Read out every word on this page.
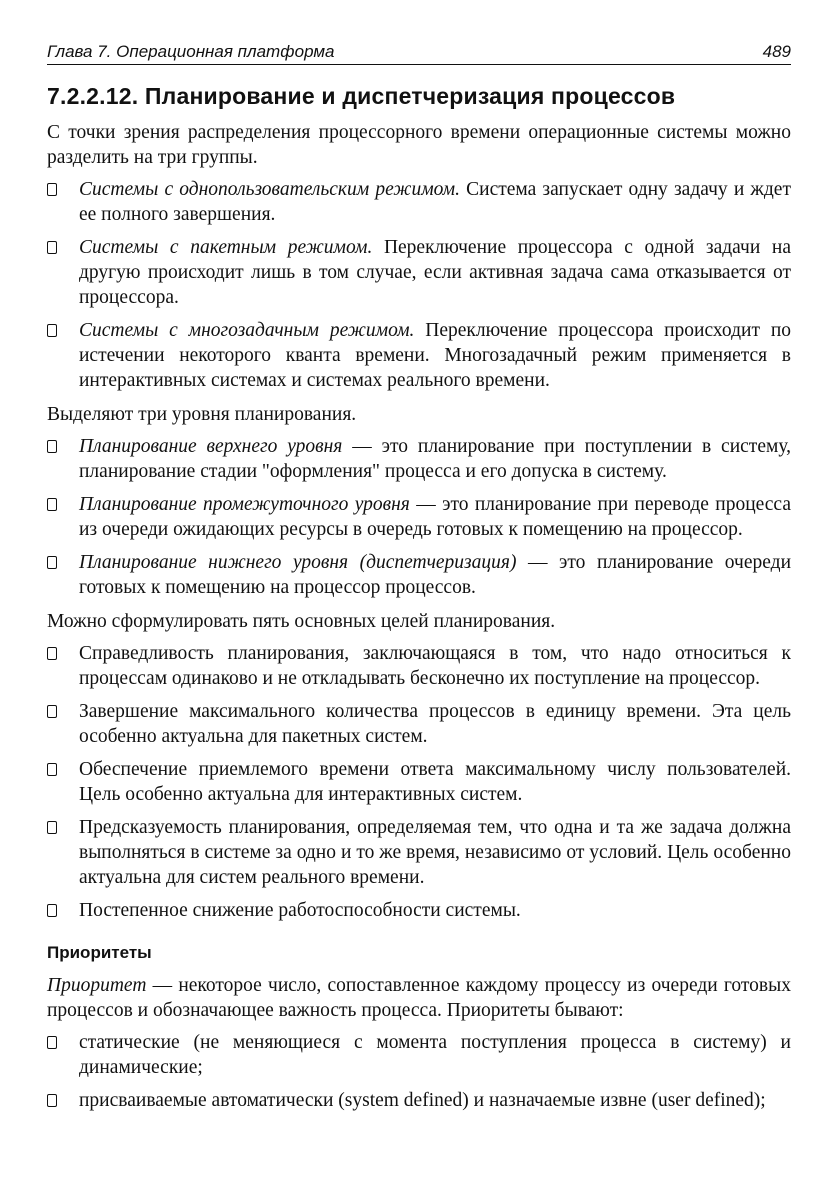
Глава 7. Операционная платформа	489
7.2.2.12. Планирование и диспетчеризация процессов

С точки зрения распределения процессорного времени операционные системы можно разделить на три группы.

Системы с однопользовательским режимом. Система запускает одну задачу и ждет ее полного завершения.
Системы с пакетным режимом. Переключение процессора с одной задачи на другую происходит лишь в том случае, если активная задача сама отказывается от процессора.
Системы с многозадачным режимом. Переключение процессора происходит по истечении некоторого кванта времени. Многозадачный режим применяется в интерактивных системах и системах реального времени.

Выделяют три уровня планирования.

Планирование верхнего уровня — это планирование при поступлении в систему, планирование стадии "оформления" процесса и его допуска в систему.
Планирование промежуточного уровня — это планирование при переводе процесса из очереди ожидающих ресурсы в очередь готовых к помещению на процессор.
Планирование нижнего уровня (диспетчеризация) — это планирование очереди готовых к помещению на процессор процессов.

Можно сформулировать пять основных целей планирования.

Справедливость планирования, заключающаяся в том, что надо относиться к процессам одинаково и не откладывать бесконечно их поступление на процессор.
Завершение максимального количества процессов в единицу времени. Эта цель особенно актуальна для пакетных систем.
Обеспечение приемлемого времени ответа максимальному числу пользователей. Цель особенно актуальна для интерактивных систем.
Предсказуемость планирования, определяемая тем, что одна и та же задача должна выполняться в системе за одно и то же время, независимо от условий. Цель особенно актуальна для систем реального времени.
Постепенное снижение работоспособности системы.
Приоритеты

Приоритет — некоторое число, сопоставленное каждому процессу из очереди готовых процессов и обозначающее важность процесса. Приоритеты бывают:

статические (не меняющиеся с момента поступления процесса в систему) и динамические;
присваиваемые автоматически (system defined) и назначаемые извне (user defined);
